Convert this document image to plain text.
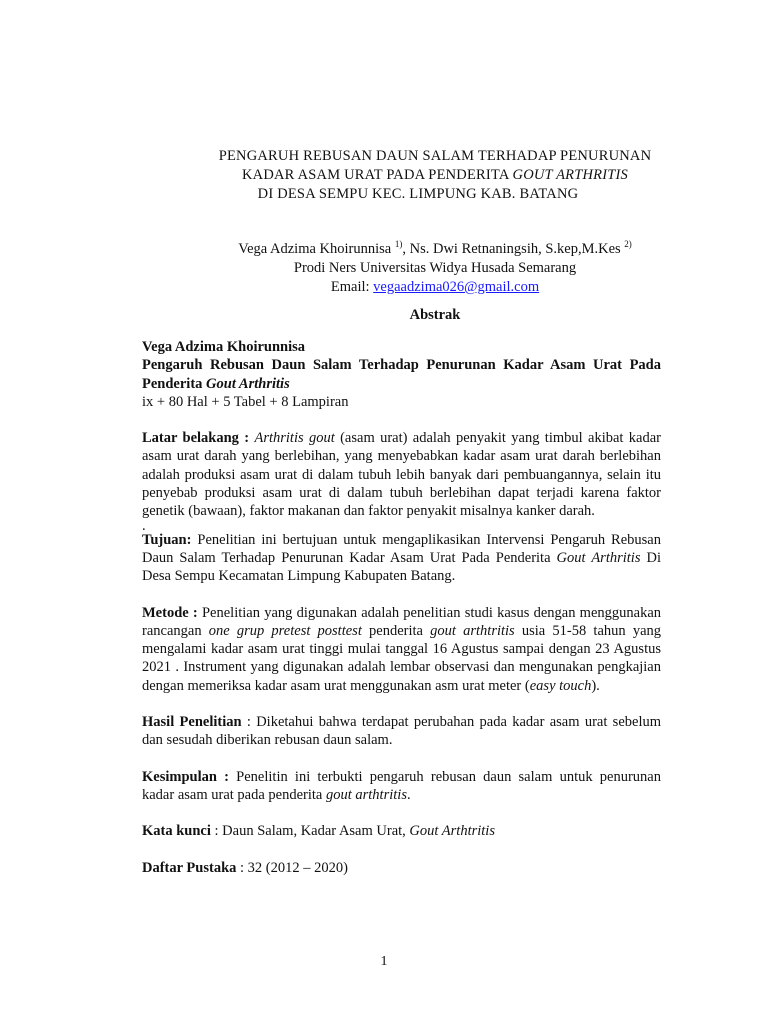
PENGARUH REBUSAN DAUN SALAM TERHADAP PENURUNAN
KADAR ASAM URAT PADA PENDERITA GOUT ARTHRITIS
DI DESA SEMPU KEC. LIMPUNG KAB. BATANG
Vega Adzima Khoirunnisa $^{1)}$, Ns. Dwi Retnaningsih, S.kep,M.Kes $^{2)}$
Prodi Ners Universitas Widya Husada Semarang
Email: vegaadzima026@gmail.com
Abstrak

Vega Adzima Khoirunnisa

Pengaruh Rebusan Daun Salam Terhadap Penurunan Kadar Asam Urat Pada Penderita Gout Arthritis

ix + 80 Hal + 5 Tabel + 8 Lampiran

Latar belakang : Arthritis gout (asam urat) adalah penyakit yang timbul akibat kadar asam urat darah yang berlebihan, yang menyebabkan kadar asam urat darah berlebihan adalah produksi asam urat di dalam tubuh lebih banyak dari pembuangannya, selain itu penyebab produksi asam urat di dalam tubuh berlebihan dapat terjadi karena faktor genetik (bawaan), faktor makanan dan faktor penyakit misalnya kanker darah.

.

Tujuan: Penelitian ini bertujuan untuk mengaplikasikan Intervensi Pengaruh Rebusan Daun Salam Terhadap Penurunan Kadar Asam Urat Pada Penderita Gout Arthritis Di Desa Sempu Kecamatan Limpung Kabupaten Batang.

Metode : Penelitian yang digunakan adalah penelitian studi kasus dengan menggunakan rancangan one grup pretest posttest penderita gout arthtritis usia 51-58 tahun yang mengalami kadar asam urat tinggi mulai tanggal 16 Agustus sampai dengan 23 Agustus 2021 . Instrument yang digunakan adalah lembar observasi dan mengunakan pengkajian dengan memeriksa kadar asam urat menggunakan asm urat meter (easy touch).

Hasil Penelitian : Diketahui bahwa terdapat perubahan pada kadar asam urat sebelum dan sesudah diberikan rebusan daun salam.

Kesimpulan : Penelitin ini terbukti pengaruh rebusan daun salam untuk penurunan kadar asam urat pada penderita gout arthtritis.

Kata kunci : Daun Salam, Kadar Asam Urat, Gout Arthtritis

Daftar Pustaka : 32 (2012 – 2020)

1
